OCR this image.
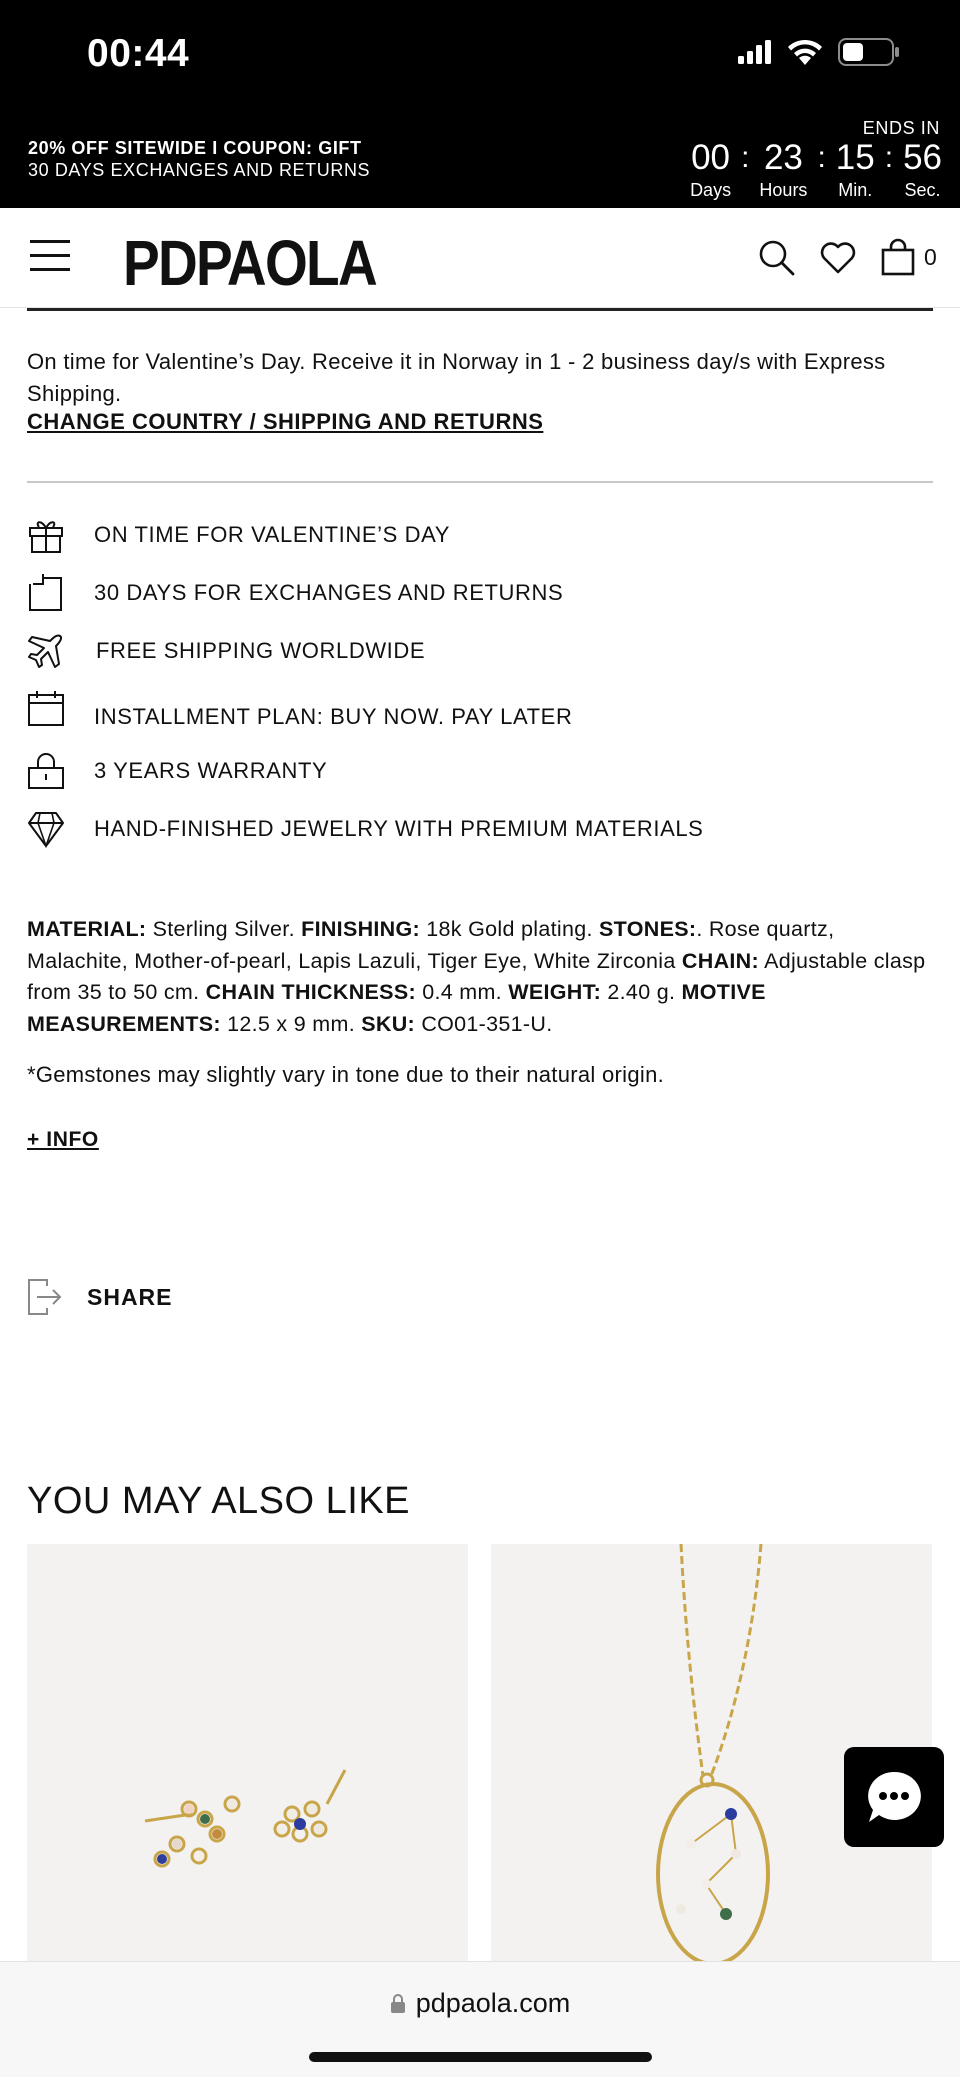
00:44
20% OFF SITEWIDE I COUPON: GIFT
30 DAYS EXCHANGES AND RETURNS
ENDS IN
00
Days
: 23
Hours
: 15
Min.
: 56
Sec.
PDPAOLA	0
On time for Valentine’s Day. Receive it in Norway in 1 - 2 business day/s with Express Shipping.
CHANGE COUNTRY / SHIPPING AND RETURNS
ON TIME FOR VALENTINE’S DAY
30 DAYS FOR EXCHANGES AND RETURNS
FREE SHIPPING WORLDWIDE
INSTALLMENT PLAN: BUY NOW. PAY LATER
3 YEARS WARRANTY
HAND-FINISHED JEWELRY WITH PREMIUM MATERIALS

MATERIAL: Sterling Silver. FINISHING: 18k Gold plating. STONES:. Rose quartz, Malachite, Mother-of-pearl, Lapis Lazuli, Tiger Eye, White Zirconia CHAIN: Adjustable clasp from 35 to 50 cm. CHAIN THICKNESS: 0.4 mm. WEIGHT: 2.40 g. MOTIVE MEASUREMENTS: 12.5 x 9 mm. SKU: CO01-351-U.

*Gemstones may slightly vary in tone due to their natural origin.
+ INFO
SHARE
YOU MAY ALSO LIKE
pdpaola.com
